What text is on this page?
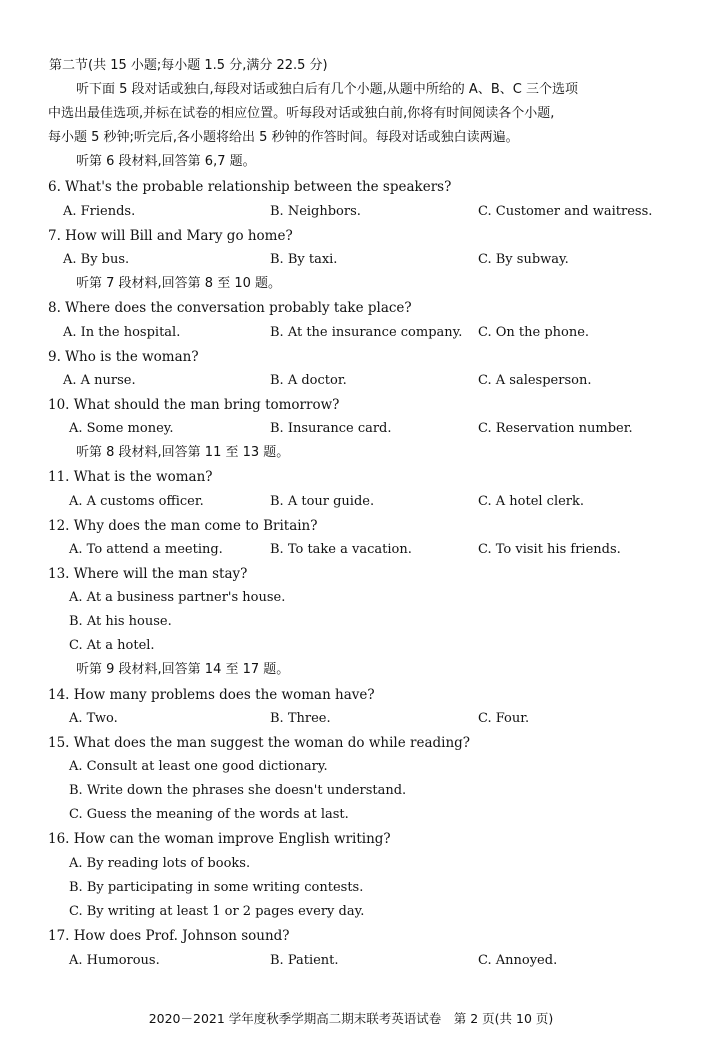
第二节(共 15 小题;每小题 1.5 分,满分 22.5 分)
听下面 5 段对话或独白,每段对话或独白后有几个小题,从题中所给的 A、B、C 三个选项
中选出最佳选项,并标在试卷的相应位置。听每段对话或独白前,你将有时间阅读各个小题,
每小题 5 秒钟;听完后,各小题将给出 5 秒钟的作答时间。每段对话或独白读两遍。
听第 6 段材料,回答第 6,7 题。
6. What's the probable relationship between the speakers?
A. Friends.	B. Neighbors.	C. Customer and waitress.
7. How will Bill and Mary go home?
A. By bus.	B. By taxi.	C. By subway.
听第 7 段材料,回答第 8 至 10 题。
8. Where does the conversation probably take place?
A. In the hospital.	B. At the insurance company. C. On the phone.
9. Who is the woman?
A. A nurse.	B. A doctor.	C. A salesperson.
10. What should the man bring tomorrow?
A. Some money.	B. Insurance card.	C. Reservation number.
听第 8 段材料,回答第 11 至 13 题。
11. What is the woman?
A. A customs officer.	B. A tour guide.	C. A hotel clerk.
12. Why does the man come to Britain?
A. To attend a meeting.	B. To take a vacation.	C. To visit his friends.
13. Where will the man stay?
A. At a business partner's house.
B. At his house.
C. At a hotel.
听第 9 段材料,回答第 14 至 17 题。
14. How many problems does the woman have?
A. Two.	B. Three.	C. Four.
15. What does the man suggest the woman do while reading?
A. Consult at least one good dictionary.
B. Write down the phrases she doesn't understand.
C. Guess the meaning of the words at last.
16. How can the woman improve English writing?
A. By reading lots of books.
B. By participating in some writing contests.
C. By writing at least 1 or 2 pages every day.
17. How does Prof. Johnson sound?
A. Humorous.	B. Patient.	C. Annoyed.
2020－2021 学年度秋季学期高二期末联考英语试卷　第 2 页(共 10 页)
